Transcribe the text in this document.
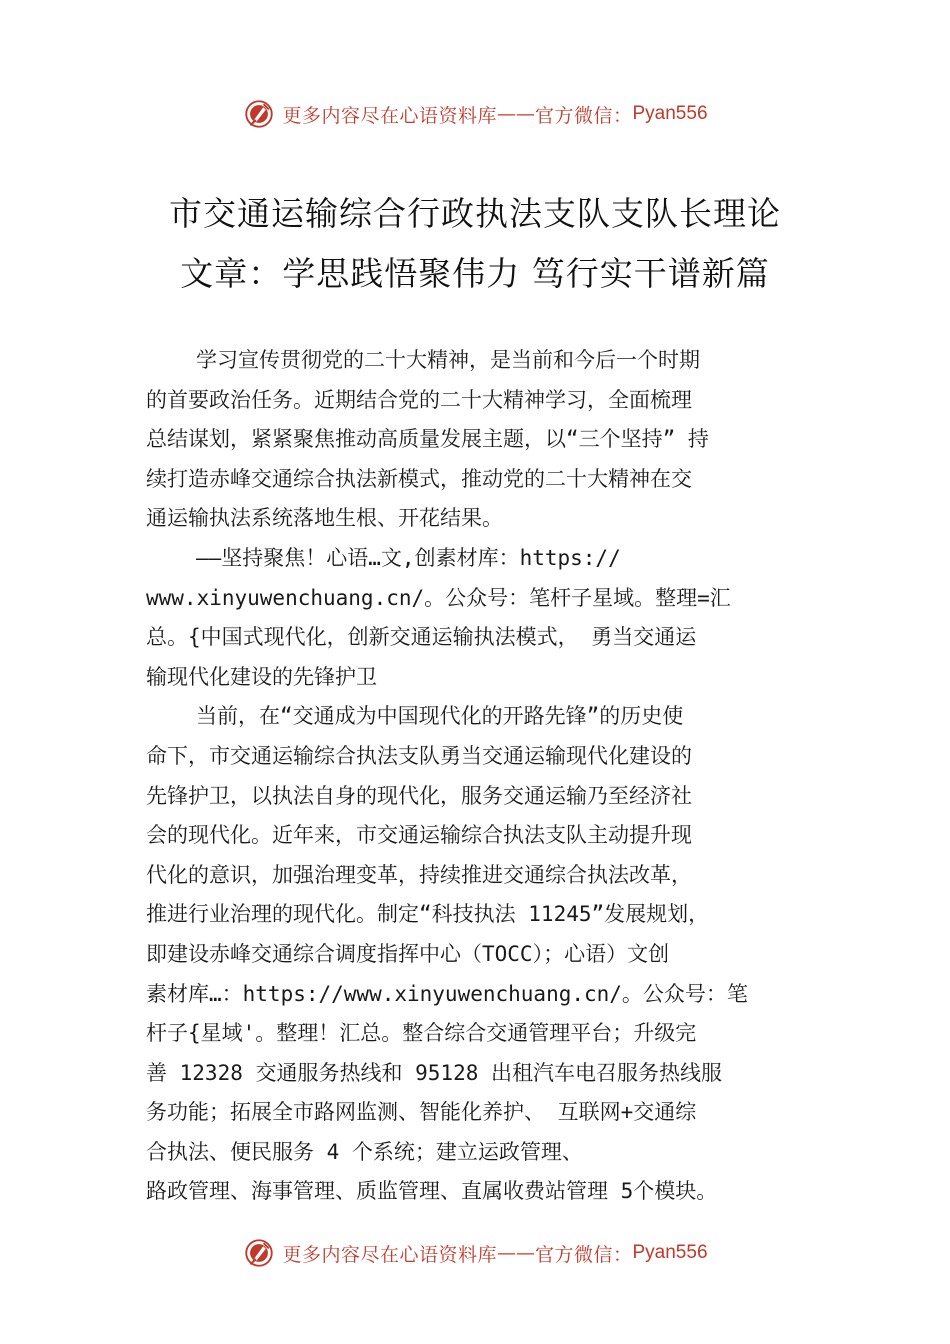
更多内容尽在心语资料库 —— 官方微信： Pyan556
市交通运输综合行政执法支队支队长理论
文章：学思践悟聚伟力 笃行实干谱新篇
学习宣传贯彻党的二十大精神，是当前和今后一个时期
的首要政治任务。近期结合党的二十大精神学习，全面梳理
总结谋划，紧紧聚焦推动高质量发展主题，以“三个坚持” 持
续打造赤峰交通综合执法新模式，推动党的二十大精神在交
通运输执法系统落地生根、开花结果。
——坚持聚焦！心语…文,创素材库：https://
www.xinyuwenchuang.cn/。公众号：笔杆子星域。整理=汇
总。{中国式现代化，创新交通运输执法模式， 勇当交通运
输现代化建设的先锋护卫
当前，在“交通成为中国现代化的开路先锋”的历史使
命下，市交通运输综合执法支队勇当交通运输现代化建设的
先锋护卫，以执法自身的现代化，服务交通运输乃至经济社
会的现代化。近年来，市交通运输综合执法支队主动提升现
代化的意识，加强治理变革，持续推进交通综合执法改革，
推进行业治理的现代化。制定“科技执法 11245”发展规划，
即建设赤峰交通综合调度指挥中心（TOCC）；心语）文创
素材库…：https://www.xinyuwenchuang.cn/。公众号：笔
杆子{星域'。整理！汇总。整合综合交通管理平台；升级完
善 12328 交通服务热线和 95128 出租汽车电召服务热线服
务功能；拓展全市路网监测、智能化养护、 互联网+交通综
合执法、便民服务 4 个系统；建立运政管理、
路政管理、海事管理、质监管理、直属收费站管理 5个模块。
更多内容尽在心语资料库 —— 官方微信： Pyan556
